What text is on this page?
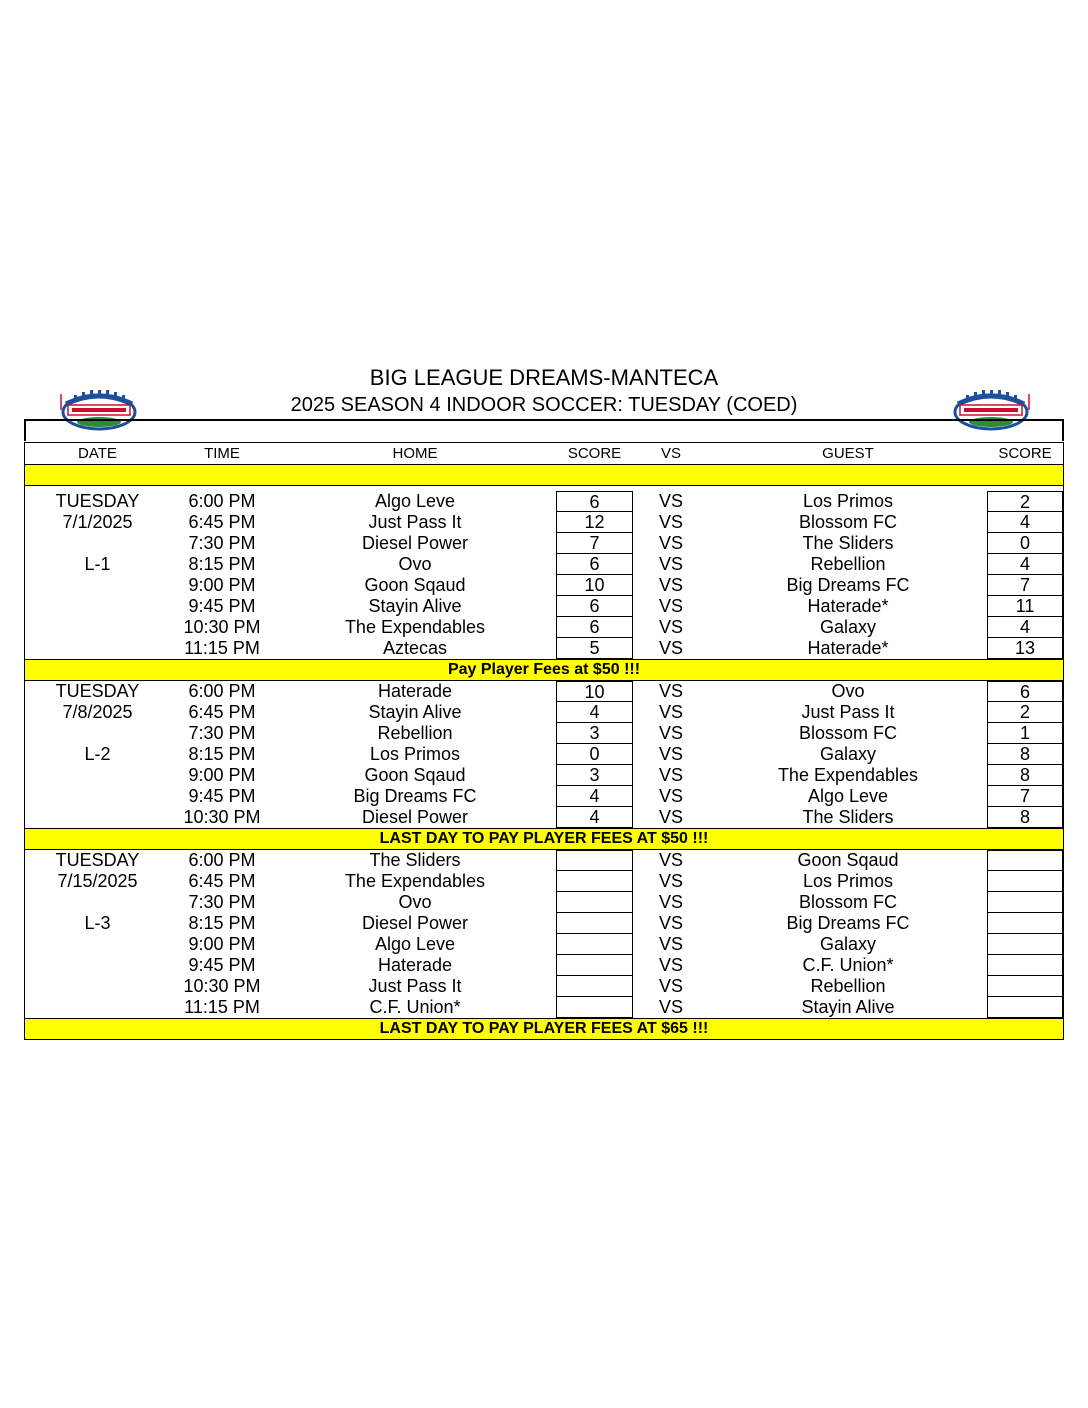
BIG LEAGUE DREAMS-MANTECA
2025 SEASON 4 INDOOR SOCCER: TUESDAY (COED)
DATE	TIME	HOME	SCORE	VS	GUEST	SCORE
TUESDAY	6:00 PM	Algo Leve	6	VS	Los Primos	2
7/1/2025	6:45 PM	Just Pass It	12	VS	Blossom FC	4
7:30 PM	Diesel Power	7	VS	The Sliders	0
L-1	8:15 PM	Ovo	6	VS	Rebellion	4
9:00 PM	Goon Sqaud	10	VS	Big Dreams FC	7
9:45 PM	Stayin Alive	6	VS	Haterade*	11
10:30 PM	The Expendables	6	VS	Galaxy	4
11:15 PM	Aztecas	5	VS	Haterade*	13
Pay Player Fees at $50 !!!
TUESDAY	6:00 PM	Haterade	10	VS	Ovo	6
7/8/2025	6:45 PM	Stayin Alive	4	VS	Just Pass It	2
7:30 PM	Rebellion	3	VS	Blossom FC	1
L-2	8:15 PM	Los Primos	0	VS	Galaxy	8
9:00 PM	Goon Sqaud	3	VS	The Expendables	8
9:45 PM	Big Dreams FC	4	VS	Algo Leve	7
10:30 PM	Diesel Power	4	VS	The Sliders	8
LAST DAY TO PAY PLAYER FEES AT $50 !!!
TUESDAY	6:00 PM	The Sliders	VS	Goon Sqaud
7/15/2025	6:45 PM	The Expendables	VS	Los Primos
7:30 PM	Ovo	VS	Blossom FC
L-3	8:15 PM	Diesel Power	VS	Big Dreams FC
9:00 PM	Algo Leve	VS	Galaxy
9:45 PM	Haterade	VS	C.F. Union*
10:30 PM	Just Pass It	VS	Rebellion
11:15 PM	C.F. Union*	VS	Stayin Alive
LAST DAY TO PAY PLAYER FEES AT $65 !!!
